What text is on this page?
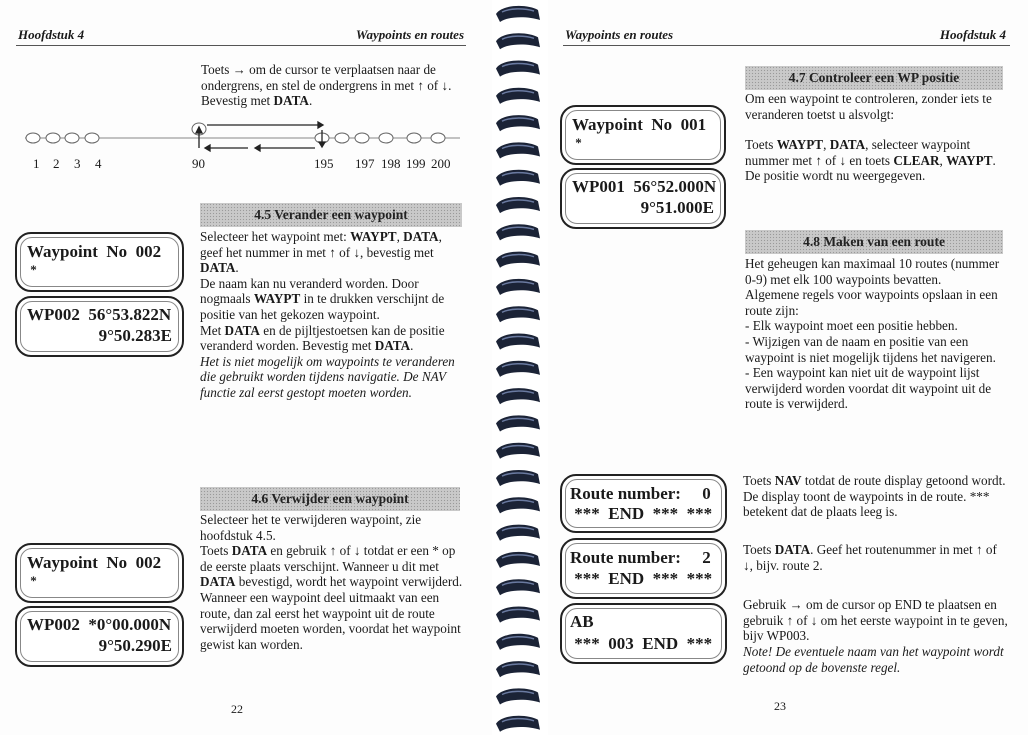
Hoofdstuk 4	Waypoints en routes

Toets → om de cursor te verplaatsen naar de ondergrens, en stel de ondergrens in met ↑ of ↓. Bevestig met DATA.

1 2 3 4	90	195 197 198 199 200
4.5 Verander een waypoint

Selecteer het waypoint met: WAYPT, DATA, geef het nummer in met ↑ of ↓, bevestig met DATA.

De naam kan nu veranderd worden. Door nogmaals WAYPT in te drukken verschijnt de positie van het gekozen waypoint.

Met DATA en de pijltjestoetsen kan de positie veranderd worden. Bevestig met DATA.

Het is niet mogelijk om waypoints te veranderen die gebruikt worden tijdens navigatie. De NAV functie zal eerst gestopt moeten worden.

Waypoint  No  002
*
WP002  56°53.822N
9°50.283E
4.6 Verwijder een waypoint

Selecteer het te verwijderen waypoint, zie hoofdstuk 4.5.

Toets DATA en gebruik ↑ of ↓ totdat er een * op de eerste plaats verschijnt. Wanneer u dit met DATA bevestigd, wordt het waypoint verwijderd.

Wanneer een waypoint deel uitmaakt van een route, dan zal eerst het waypoint uit de route verwijderd moeten worden, voordat het waypoint gewist kan worden.

Waypoint  No  002
*
WP002  *0°00.000N
9°50.290E
22
Waypoints en routes	Hoofdstuk 4
4.7 Controleer een WP positie

Om een waypoint te controleren, zonder iets te veranderen toetst u alsvolgt:

Toets WAYPT, DATA, selecteer waypoint nummer met ↑ of ↓ en toets CLEAR, WAYPT. De positie wordt nu weergegeven.

Waypoint  No  001
*
WP001  56°52.000N
9°51.000E
4.8 Maken van een route

Het geheugen kan maximaal 10 routes (nummer 0-9) met elk 100 waypoints bevatten.

Algemene regels voor waypoints opslaan in een route zijn:

- Elk waypoint moet een positie hebben.

- Wijzigen van de naam en positie van een waypoint is niet mogelijk tijdens het navigeren.

- Een waypoint kan niet uit de waypoint lijst verwijderd worden voordat dit waypoint uit de route is verwijderd.

Toets NAV totdat de route display getoond wordt. De display toont de waypoints in de route. *** betekent dat de plaats leeg is.

Toets DATA. Geef het routenummer in met ↑ of ↓, bijv. route 2.

Gebruik → om de cursor op END te plaatsen en gebruik ↑ of ↓ om het eerste waypoint in te geven, bijv WP003.

Note! De eventuele naam van het waypoint wordt getoond op de bovenste regel.

Route number:     0
***  END  ***  ***
Route number:     2
***  END  ***  ***
AB
***  003  END  ***
23
